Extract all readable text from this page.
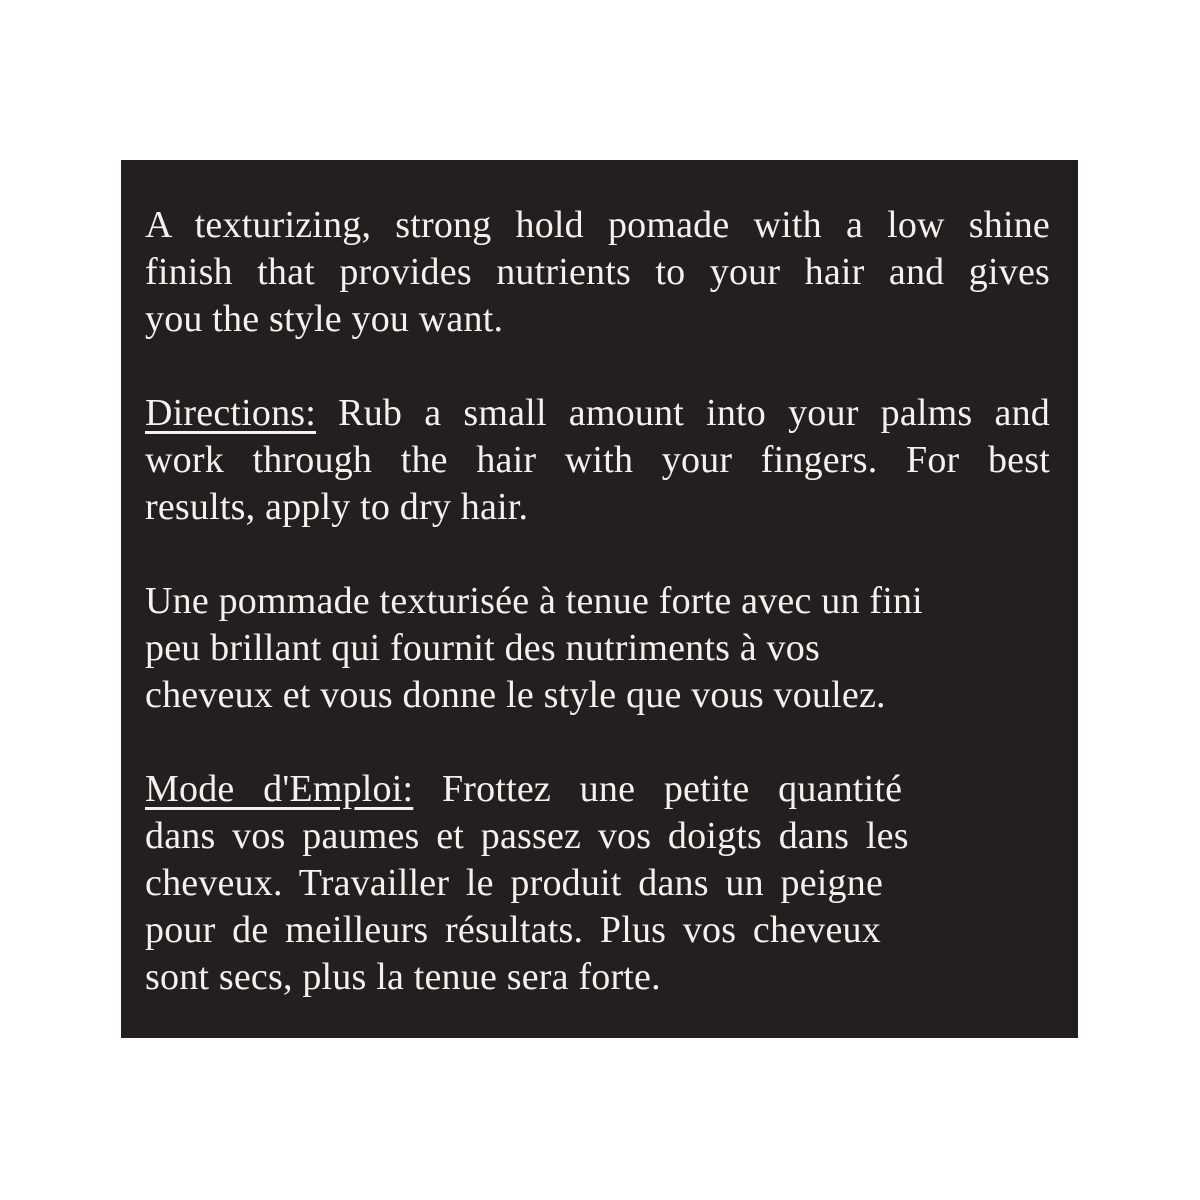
A texturizing, strong hold pomade with a low shine
finish that provides nutrients to your hair and gives
you the style you want.
Directions: Rub a small amount into your palms and
work through the hair with your fingers. For best
results, apply to dry hair.
Une pommade texturisée à tenue forte avec un fini
peu brillant qui fournit des nutriments à vos
cheveux et vous donne le style que vous voulez.
Mode d'Emploi: Frottez une petite quantité
dans vos paumes et passez vos doigts dans les
cheveux. Travailler le produit dans un peigne
pour de meilleurs résultats. Plus vos cheveux
sont secs, plus la tenue sera forte.
